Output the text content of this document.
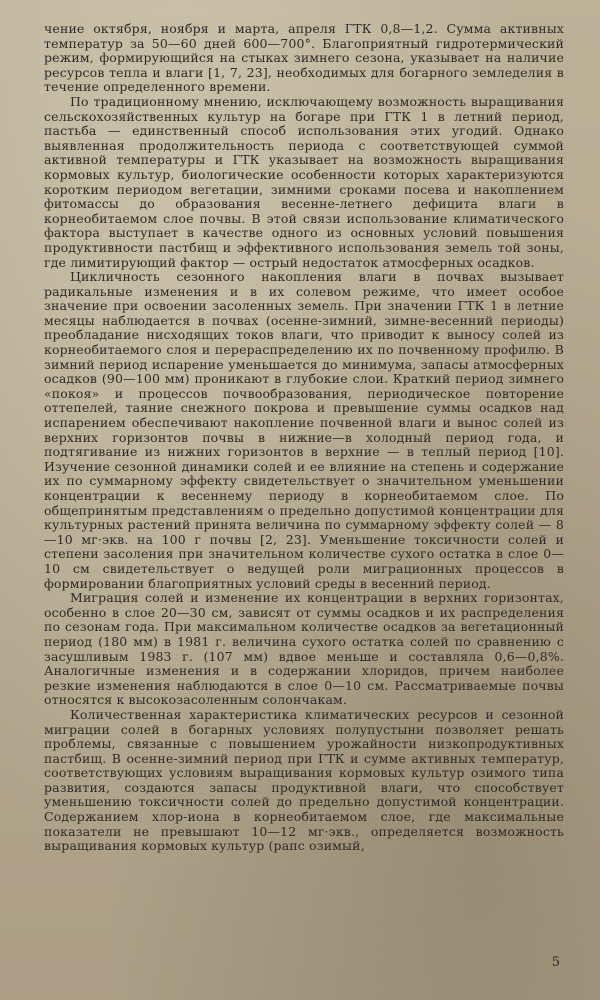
чение октября, ноября и марта, апреля ГТК 0,8—1,2. Сумма активных температур за 50—60 дней 600—700°. Благоприятный гидротермический режим, формирующийся на стыках зимнего сезона, указывает на наличие ресурсов тепла и влаги [1, 7, 23], необходимых для богарного земледелия в течение определенного времени.

По традиционному мнению, исключающему возможность выращивания сельскохозяйственных культур на богаре при ГТК 1 в летний период, пастьба — единственный способ использования этих угодий. Однако выявленная продолжительность периода с соответствующей суммой активной температуры и ГТК указывает на возможность выращивания кормовых культур, биологические особенности которых характеризуются коротким периодом вегетации, зимними сроками посева и накоплением фитомассы до образования весенне-летнего дефицита влаги в корнеобитаемом слое почвы. В этой связи использование климатического фактора выступает в качестве одного из основных условий повышения продуктивности пастбищ и эффективного использования земель той зоны, где лимитирующий фактор — острый недостаток атмосферных осадков.

Цикличность сезонного накопления влаги в почвах вызывает радикальные изменения и в их солевом режиме, что имеет особое значение при освоении засоленных земель. При значении ГТК 1 в летние месяцы наблюдается в почвах (осенне-зимний, зимне-весенний периоды) преобладание нисходящих токов влаги, что приводит к выносу солей из корнеобитаемого слоя и перераспределению их по почвенному профилю. В зимний период испарение уменьшается до минимума, запасы атмосферных осадков (90—100 мм) проникают в глубокие слои. Краткий период зимнего «покоя» и процессов почвообразования, периодическое повторение оттепелей, таяние снежного покрова и превышение суммы осадков над испарением обеспечивают накопление почвенной влаги и вынос солей из верхних горизонтов почвы в нижние—в холодный период года, и подтягивание из нижних горизонтов в верхние — в теплый период [10]. Изучение сезонной динамики солей и ее влияние на степень и содержание их по суммарному эффекту свидетельствует о значительном уменьшении концентрации к весеннему периоду в корнеобитаемом слое. По общепринятым представлениям о предельно допустимой концентрации для культурных растений принята величина по суммарному эффекту солей — 8—10 мг·экв. на 100 г почвы [2, 23]. Уменьшение токсичности солей и степени засоления при значительном количестве сухого остатка в слое 0—10 см свидетельствует о ведущей роли миграционных процессов в формировании благоприятных условий среды в весенний период.

Миграция солей и изменение их концентрации в верхних горизонтах, особенно в слое 20—30 см, зависят от суммы осадков и их распределения по сезонам года. При максимальном количестве осадков за вегетационный период (180 мм) в 1981 г. величина сухого остатка солей по сравнению с засушливым 1983 г. (107 мм) вдвое меньше и составляла 0,6—0,8%. Аналогичные изменения и в содержании хлоридов, причем наиболее резкие изменения наблюдаются в слое 0—10 см. Рассматриваемые почвы относятся к высокозасоленным солончакам.

Количественная характеристика климатических ресурсов и сезонной миграции солей в богарных условиях полупустыни позволяет решать проблемы, связанные с повышением урожайности низкопродуктивных пастбищ. В осенне-зимний период при ГТК и сумме активных температур, соответствующих условиям выращивания кормовых культур озимого типа развития, создаются запасы продуктивной влаги, что способствует уменьшению токсичности солей до предельно допустимой концентрации. Содержанием хлор-иона в корнеобитаемом слое, где максимальные показатели не превышают 10—12 мг·экв., определяется возможность выращивания кормовых культур (рапс озимый,

5
